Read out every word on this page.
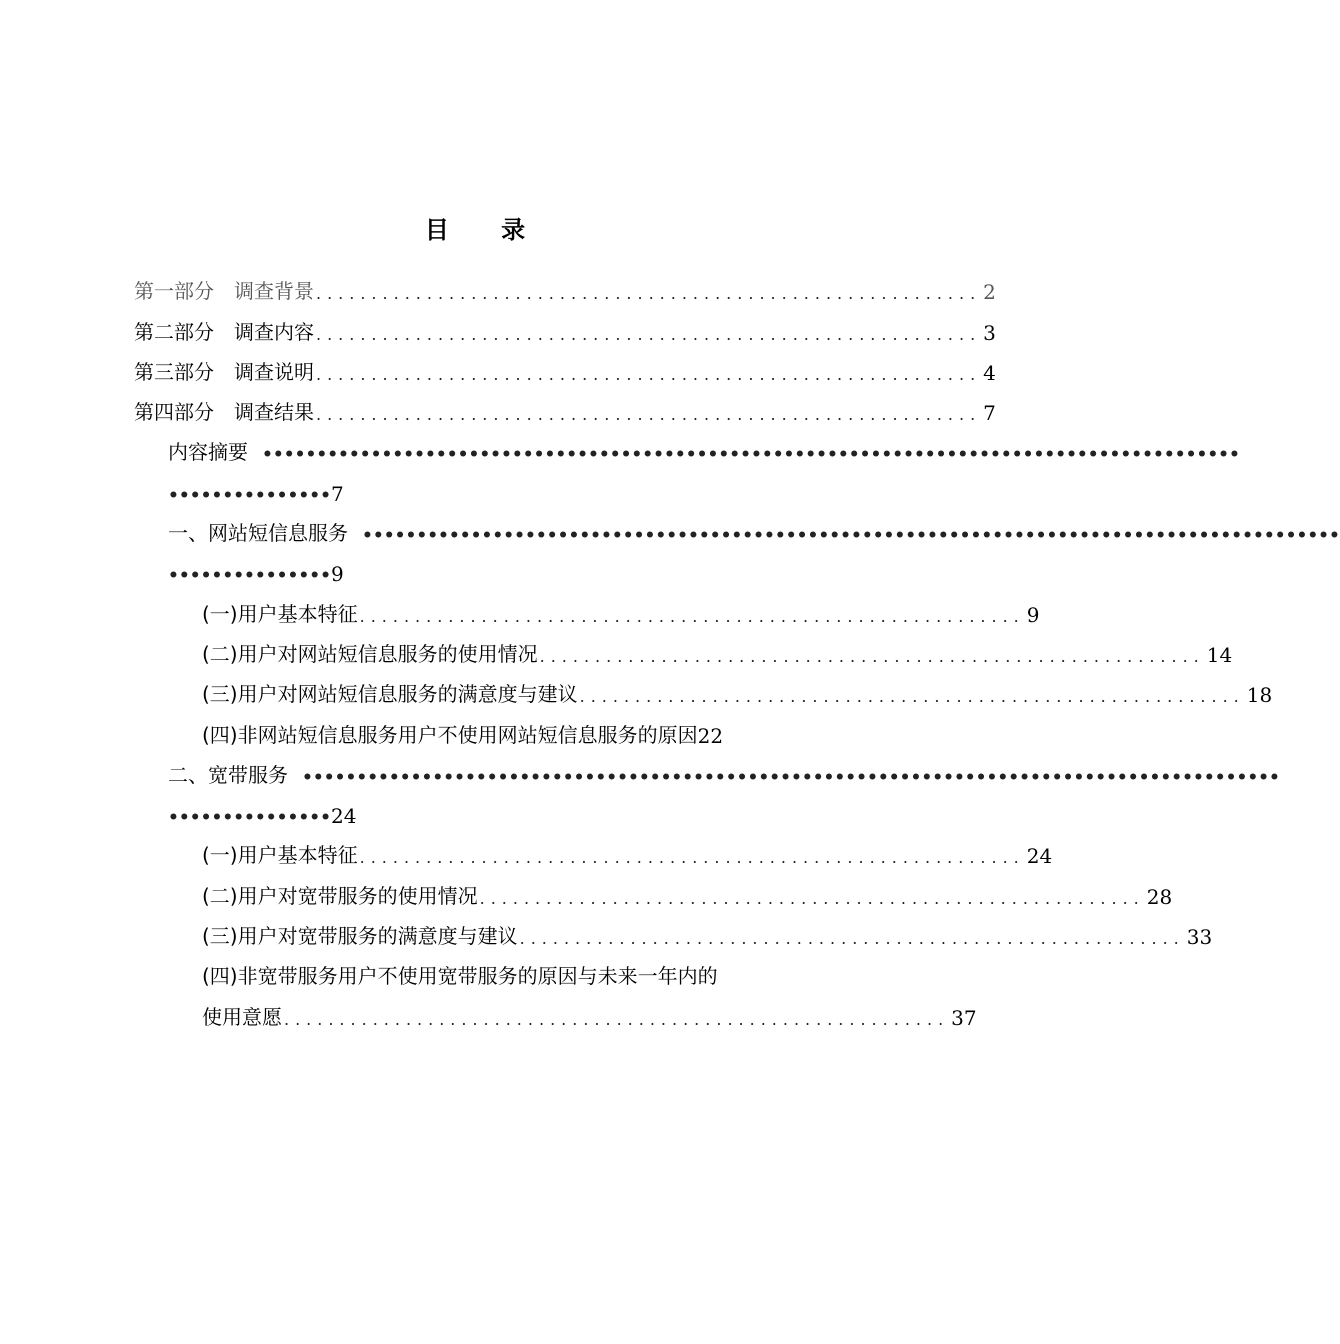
目 录
第一部分　调查背景 ............................................................ 2
第二部分　调查内容 ............................................................ 3
第三部分　调查说明 ............................................................ 4
第四部分　调查结果 ............................................................ 7
内容摘要 ••••••••••••••••••••••••••••••••••••••••••••••••••••••••••••••••••••••••••••••••••••••••••
••••••••••••••• 7
一、网站短信息服务 ••••••••••••••••••••••••••••••••••••••••••••••••••••••••••••••••••••••••••••••••••••••••••
••••••••••••••• 9
(一)用户基本特征 ............................................................ 9
(二)用户对网站短信息服务的使用情况 ............................................................ 14
(三)用户对网站短信息服务的满意度与建议 ............................................................ 18
(四)非网站短信息服务用户不使用网站短信息服务的原因 22
二、宽带服务 ••••••••••••••••••••••••••••••••••••••••••••••••••••••••••••••••••••••••••••••••••••••••••
••••••••••••••• 24
(一)用户基本特征 ............................................................ 24
(二)用户对宽带服务的使用情况 ............................................................ 28
(三)用户对宽带服务的满意度与建议 ............................................................ 33
(四)非宽带服务用户不使用宽带服务的原因与未来一年内的
使用意愿 ............................................................ 37
